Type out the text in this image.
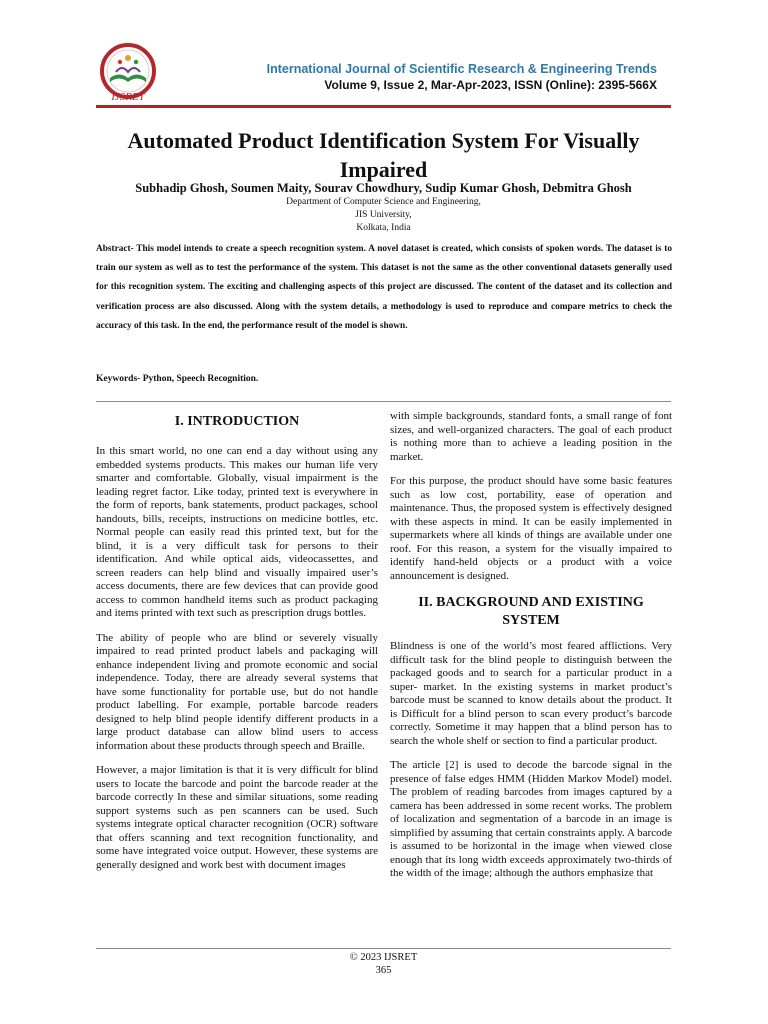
IJSRET
International Journal of Scientific Research & Engineering Trends
Volume 9, Issue 2, Mar-Apr-2023, ISSN (Online): 2395-566X
Automated Product Identification System For Visually Impaired
Subhadip Ghosh, Soumen Maity, Sourav Chowdhury, Sudip Kumar Ghosh, Debmitra Ghosh
Department of Computer Science and Engineering,
JIS University,
Kolkata, India
Abstract- This model intends to create a speech recognition system. A novel dataset is created, which consists of spoken words. The dataset is to train our system as well as to test the performance of the system. This dataset is not the same as the other conventional datasets generally used for this recognition system. The exciting and challenging aspects of this project are discussed. The content of the dataset and its collection and verification process are also discussed. Along with the system details, a methodology is used to reproduce and compare metrics to check the accuracy of this task. In the end, the performance result of the model is shown.
Keywords- Python, Speech Recognition.
I. INTRODUCTION

In this smart world, no one can end a day without using any embedded systems products. This makes our human life very smarter and comfortable. Globally, visual impairment is the leading regret factor. Like today, printed text is everywhere in the form of reports, bank statements, product packages, school handouts, bills, receipts, instructions on medicine bottles, etc. Normal people can easily read this printed text, but for the blind, it is a very difficult task for persons to their identification. And while optical aids, videocassettes, and screen readers can help blind and visually impaired user’s access documents, there are few devices that can provide good access to common handheld items such as product packaging and items printed with text such as prescription drugs bottles.

The ability of people who are blind or severely visually impaired to read printed product labels and packaging will enhance independent living and promote economic and social independence. Today, there are already several systems that have some functionality for portable use, but do not handle product labelling. For example, portable barcode readers designed to help blind people identify different products in a large product database can allow blind users to access information about these products through speech and Braille.

However, a major limitation is that it is very difficult for blind users to locate the barcode and point the barcode reader at the barcode correctly In these and similar situations, some reading support systems such as pen scanners can be used. Such systems integrate optical character recognition (OCR) software that offers scanning and text recognition functionality, and some have integrated voice output. However, these systems are generally designed and work best with document images

with simple backgrounds, standard fonts, a small range of font sizes, and well-organized characters. The goal of each product is nothing more than to achieve a leading position in the market.

For this purpose, the product should have some basic features such as low cost, portability, ease of operation and maintenance. Thus, the proposed system is effectively designed with these aspects in mind. It can be easily implemented in supermarkets where all kinds of things are available under one roof. For this reason, a system for the visually impaired to identify hand-held objects or a product with a voice announcement is designed.

II. BACKGROUND AND EXISTING SYSTEM

Blindness is one of the world’s most feared afflictions. Very difficult task for the blind people to distinguish between the packaged goods and to search for a particular product in a super- market. In the existing systems in market product’s barcode must be scanned to know details about the product. It is Difficult for a blind person to scan every product’s barcode correctly. Sometime it may happen that a blind person has to search the whole shelf or section to find a particular product.

The article [2] is used to decode the barcode signal in the presence of false edges HMM (Hidden Markov Model) model. The problem of reading barcodes from images captured by a camera has been addressed in some recent works. The problem of localization and segmentation of a barcode in an image is simplified by assuming that certain constraints apply. A barcode is assumed to be horizontal in the image when viewed close enough that its long width exceeds approximately two-thirds of the width of the image; although the authors emphasize that

© 2023 IJSRET
365
